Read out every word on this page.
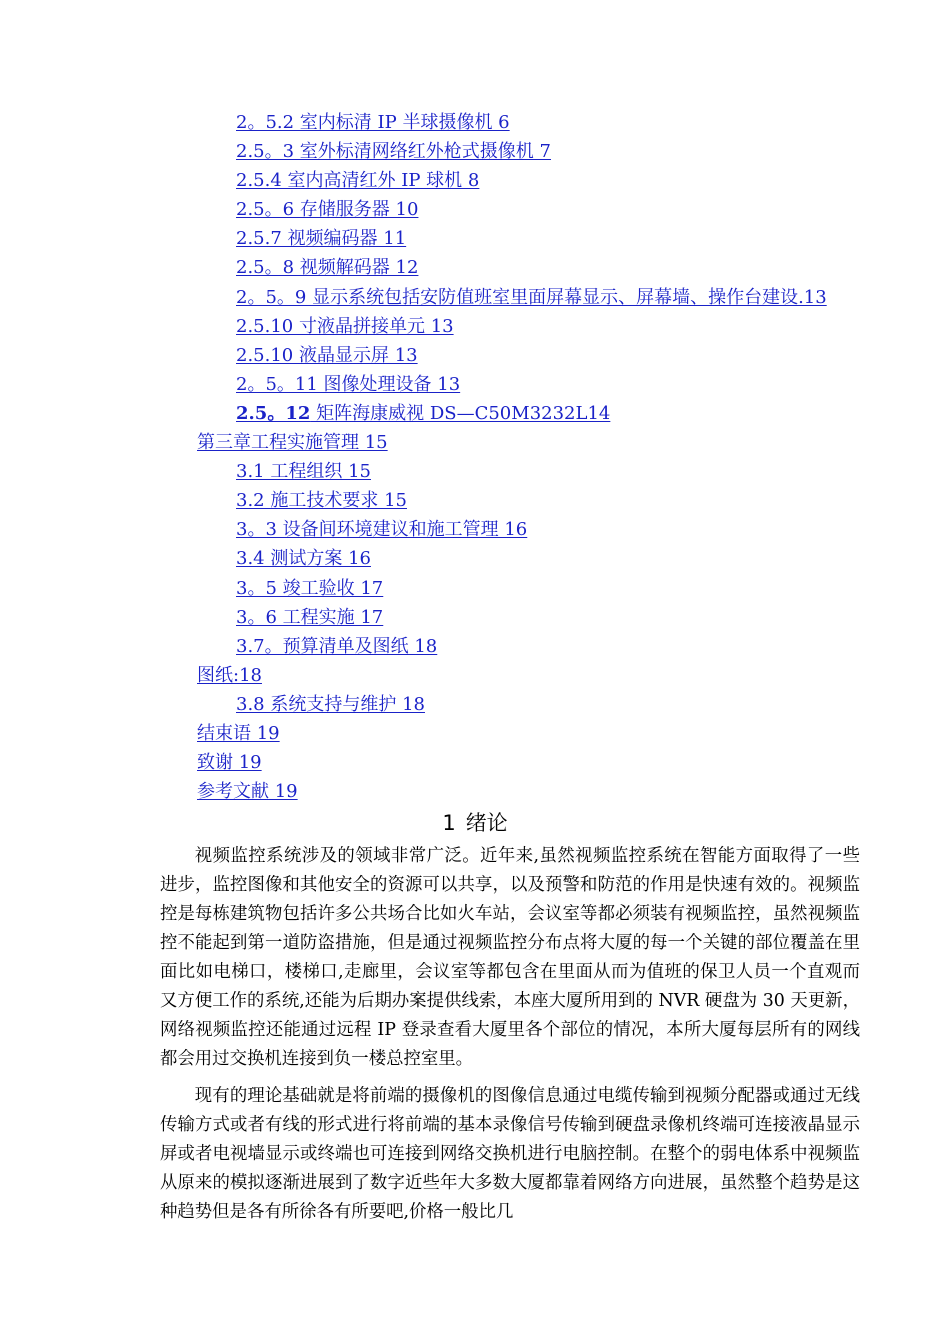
2。5.2 室内标清 IP 半球摄像机 6
2.5。3 室外标清网络红外枪式摄像机 7
2.5.4 室内高清红外 IP 球机 8
2.5。6 存储服务器 10
2.5.7 视频编码器 11
2.5。8 视频解码器 12
2。5。9 显示系统包括安防值班室里面屏幕显示、屏幕墙、操作台建设.13
2.5.10 寸液晶拼接单元 13
2.5.10 液晶显示屏 13
2。5。11 图像处理设备 13
2.5。12 矩阵海康威视 DS—C50M3232L14
第三章工程实施管理 15
3.1 工程组织 15
3.2 施工技术要求 15
3。3 设备间环境建议和施工管理 16
3.4 测试方案 16
3。5 竣工验收 17
3。6 工程实施 17
3.7。预算清单及图纸 18
图纸:18
3.8 系统支持与维护 18
结束语 19
致谢 19
参考文献 19
1 绪论

视频监控系统涉及的领域非常广泛。近年来,虽然视频监控系统在智能方面取得了一些进步，监控图像和其他安全的资源可以共享，以及预警和防范的作用是快速有效的。视频监控是每栋建筑物包括许多公共场合比如火车站，会议室等都必须装有视频监控，虽然视频监控不能起到第一道防盗措施，但是通过视频监控分布点将大厦的每一个关键的部位覆盖在里面比如电梯口，楼梯口,走廊里，会议室等都包含在里面从而为值班的保卫人员一个直观而又方便工作的系统,还能为后期办案提供线索，本座大厦所用到的 NVR 硬盘为 30 天更新，网络视频监控还能通过远程 IP 登录查看大厦里各个部位的情况，本所大厦每层所有的网线都会用过交换机连接到负一楼总控室里。

现有的理论基础就是将前端的摄像机的图像信息通过电缆传输到视频分配器或通过无线传输方式或者有线的形式进行将前端的基本录像信号传输到硬盘录像机终端可连接液晶显示屏或者电视墙显示或终端也可连接到网络交换机进行电脑控制。在整个的弱电体系中视频监从原来的模拟逐渐进展到了数字近些年大多数大厦都靠着网络方向进展，虽然整个趋势是这种趋势但是各有所徐各有所要吧,价格一般比几
